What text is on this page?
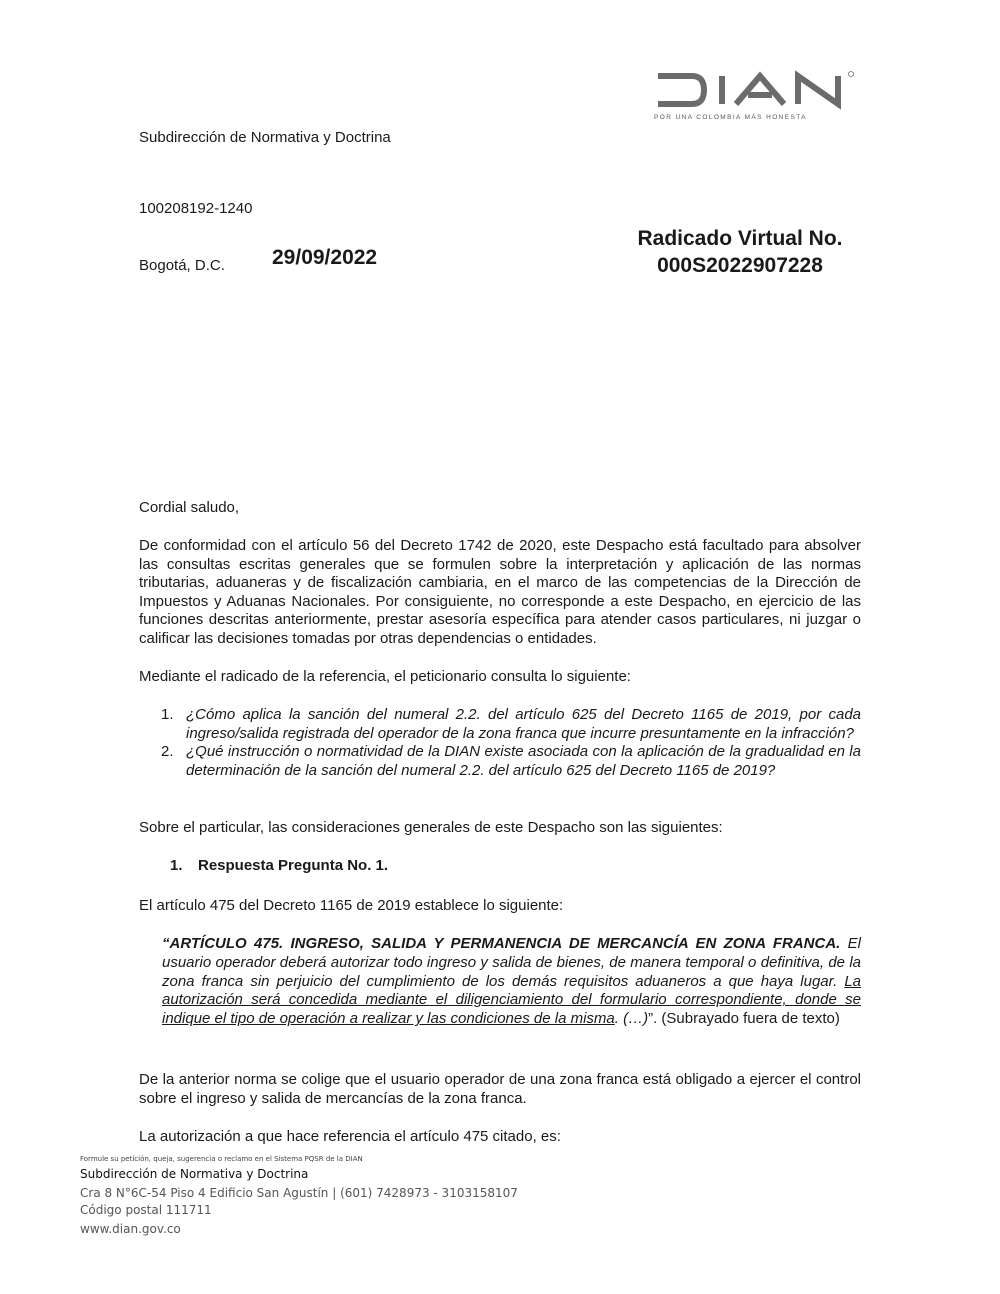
POR UNA COLOMBIA MÁS HONESTA
Subdirección de Normativa y Doctrina
100208192-1240
Bogotá, D.C. 29/09/2022
Radicado Virtual No.
000S2022907228

Cordial saludo,

De conformidad con el artículo 56 del Decreto 1742 de 2020, este Despacho está facultado para absolver las consultas escritas generales que se formulen sobre la interpretación y aplicación de las normas tributarias, aduaneras y de fiscalización cambiaria, en el marco de las competencias de la Dirección de Impuestos y Aduanas Nacionales. Por consiguiente, no corresponde a este Despacho, en ejercicio de las funciones descritas anteriormente, prestar asesoría específica para atender casos particulares, ni juzgar o calificar las decisiones tomadas por otras dependencias o entidades.

Mediante el radicado de la referencia, el peticionario consulta lo siguiente:

1. ¿Cómo aplica la sanción del numeral 2.2. del artículo 625 del Decreto 1165 de 2019, por cada ingreso/salida registrada del operador de la zona franca que incurre presuntamente en la infracción?
2. ¿Qué instrucción o normatividad de la DIAN existe asociada con la aplicación de la gradualidad en la determinación de la sanción del numeral 2.2. del artículo 625 del Decreto 1165 de 2019?

Sobre el particular, las consideraciones generales de este Despacho son las siguientes:

1. Respuesta Pregunta No. 1.

El artículo 475 del Decreto 1165 de 2019 establece lo siguiente:

“ARTÍCULO 475. INGRESO, SALIDA Y PERMANENCIA DE MERCANCÍA EN ZONA FRANCA. El usuario operador deberá autorizar todo ingreso y salida de bienes, de manera temporal o definitiva, de la zona franca sin perjuicio del cumplimiento de los demás requisitos aduaneros a que haya lugar. La autorización será concedida mediante el diligenciamiento del formulario correspondiente, donde se indique el tipo de operación a realizar y las condiciones de la misma. (…)”. (Subrayado fuera de texto)

De la anterior norma se colige que el usuario operador de una zona franca está obligado a ejercer el control sobre el ingreso y salida de mercancías de la zona franca.

La autorización a que hace referencia el artículo 475 citado, es:

Formule su petición, queja, sugerencia o reclamo en el Sistema PQSR de la DIAN
Subdirección de Normativa y Doctrina
Cra 8 N°6C-54 Piso 4 Edificio San Agustín | (601) 7428973 - 3103158107
Código postal 111711
www.dian.gov.co
